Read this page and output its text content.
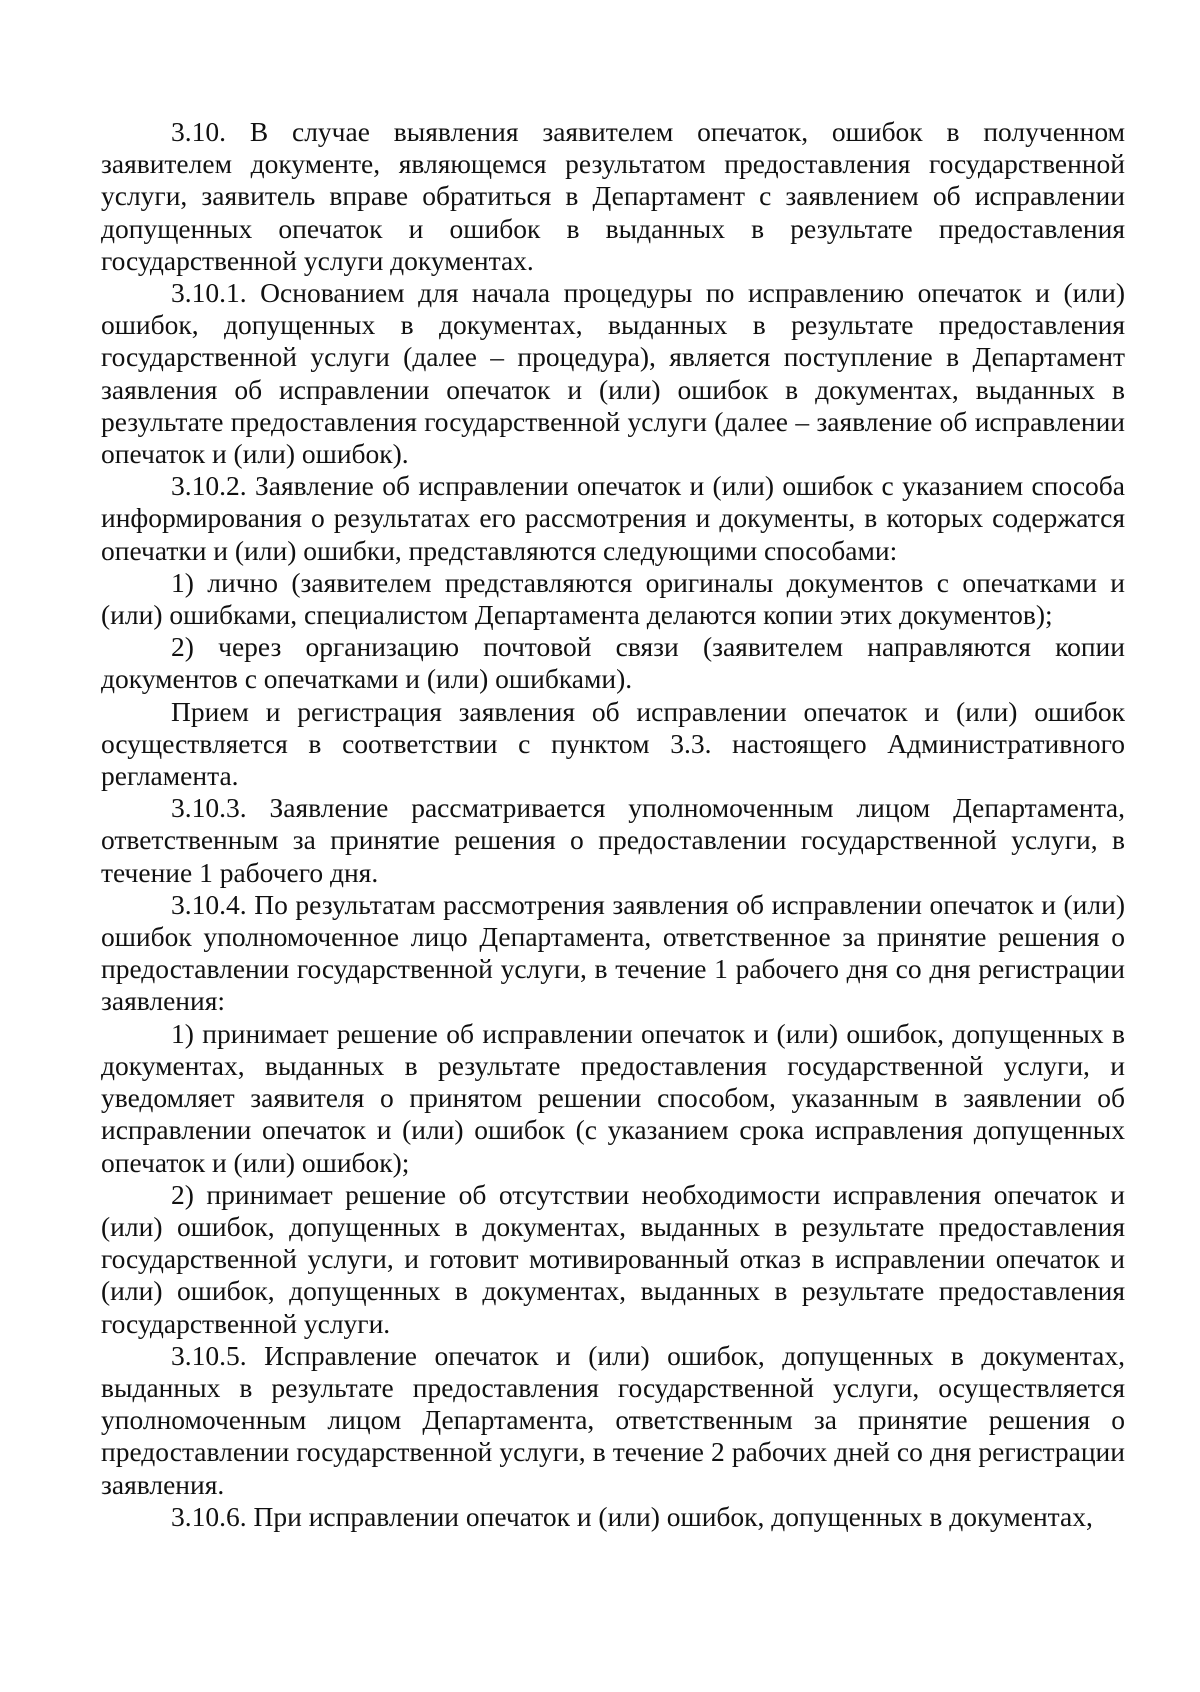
3.10. В случае выявления заявителем опечаток, ошибок в полученном заявителем документе, являющемся результатом предоставления государственной услуги, заявитель вправе обратиться в Департамент с заявлением об исправлении допущенных опечаток и ошибок в выданных в результате предоставления государственной услуги документах.

3.10.1. Основанием для начала процедуры по исправлению опечаток и (или) ошибок, допущенных в документах, выданных в результате предоставления государственной услуги (далее – процедура), является поступление в Департамент заявления об исправлении опечаток и (или) ошибок в документах, выданных в результате предоставления государственной услуги (далее – заявление об исправлении опечаток и (или) ошибок).

3.10.2. Заявление об исправлении опечаток и (или) ошибок с указанием способа информирования о результатах его рассмотрения и документы, в которых содержатся опечатки и (или) ошибки, представляются следующими способами:

1) лично (заявителем представляются оригиналы документов с опечатками и (или) ошибками, специалистом Департамента делаются копии этих документов);

2) через организацию почтовой связи (заявителем направляются копии документов с опечатками и (или) ошибками).

Прием и регистрация заявления об исправлении опечаток и (или) ошибок осуществляется в соответствии с пунктом 3.3. настоящего Административного регламента.

3.10.3. Заявление рассматривается уполномоченным лицом Департамента, ответственным за принятие решения о предоставлении государственной услуги, в течение 1 рабочего дня.

3.10.4. По результатам рассмотрения заявления об исправлении опечаток и (или) ошибок уполномоченное лицо Департамента, ответственное за принятие решения о предоставлении государственной услуги, в течение 1 рабочего дня со дня регистрации заявления:

1) принимает решение об исправлении опечаток и (или) ошибок, допущенных в документах, выданных в результате предоставления государственной услуги, и уведомляет заявителя о принятом решении способом, указанным в заявлении об исправлении опечаток и (или) ошибок (с указанием срока исправления допущенных опечаток и (или) ошибок);

2) принимает решение об отсутствии необходимости исправления опечаток и (или) ошибок, допущенных в документах, выданных в результате предоставления государственной услуги, и готовит мотивированный отказ в исправлении опечаток и (или) ошибок, допущенных в документах, выданных в результате предоставления государственной услуги.

3.10.5. Исправление опечаток и (или) ошибок, допущенных в документах, выданных в результате предоставления государственной услуги, осуществляется уполномоченным лицом Департамента, ответственным за принятие решения о предоставлении государственной услуги, в течение 2 рабочих дней со дня регистрации заявления.

3.10.6. При исправлении опечаток и (или) ошибок, допущенных в документах,
